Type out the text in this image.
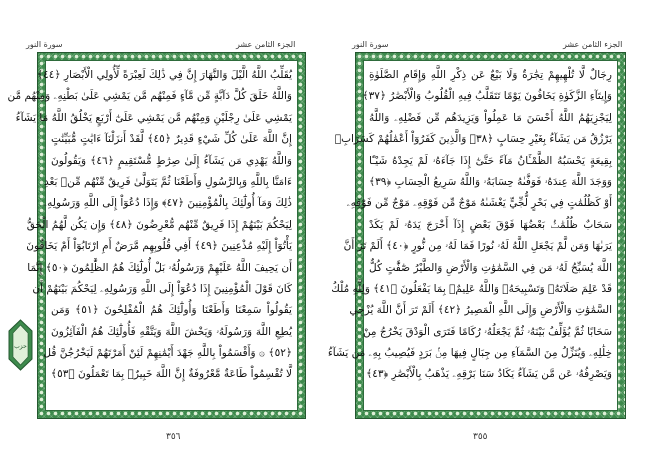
سورة النور	الجزء الثامن عشر
يُقَلِّبُ اللَّهُ الَّيْلَ وَالنَّهَارَ إِنَّ فِي ذَٰلِكَ لَعِبْرَةً لِّأُولِي الْأَبْصَارِ ﴿٤٤﴾
وَاللَّهُ خَلَقَ كُلَّ دَآبَّةٍ مِّن مَّآءٍ فَمِنْهُم مَّن يَمْشِي عَلَىٰ بَطْنِهِۦ وَمِنْهُم مَّن
يَمْشِي عَلَىٰ رِجْلَيْنِ وَمِنْهُم مَّن يَمْشِي عَلَىٰٓ أَرْبَعٍ يَخْلُقُ اللَّهُ مَا يَشَآءُ
إِنَّ اللَّهَ عَلَىٰ كُلِّ شَيْءٍ قَدِيرٌ ﴿٤٥﴾ لَّقَدْ أَنزَلْنَآ ءَايَٰتٍ مُّبَيِّنَٰتٍ
وَاللَّهُ يَهْدِي مَن يَشَآءُ إِلَىٰ صِرَٰطٍ مُّسْتَقِيمٍ ﴿٤٦﴾ وَيَقُولُونَ
ءَامَنَّا بِاللَّهِ وَبِالرَّسُولِ وَأَطَعْنَا ثُمَّ يَتَوَلَّىٰ فَرِيقٌ مِّنْهُم مِّنۢ بَعْدِ
ذَٰلِكَ وَمَآ أُولَٰٓئِكَ بِالْمُؤْمِنِينَ ﴿٤٧﴾ وَإِذَا دُعُوٓاْ إِلَى اللَّهِ وَرَسُولِهِۦ
لِيَحْكُمَ بَيْنَهُمْ إِذَا فَرِيقٌ مِّنْهُم مُّعْرِضُونَ ﴿٤٨﴾ وَإِن يَكُن لَّهُمُ الْحَقُّ
يَأْتُوٓاْ إِلَيْهِ مُذْعِنِينَ ﴿٤٩﴾ أَفِي قُلُوبِهِم مَّرَضٌ أَمِ ارْتَابُوٓاْ أَمْ يَخَافُونَ
أَن يَحِيفَ اللَّهُ عَلَيْهِمْ وَرَسُولُهُۥ بَلْ أُولَٰٓئِكَ هُمُ الظَّٰلِمُونَ ﴿٥٠﴾ إِنَّمَا
كَانَ قَوْلَ الْمُؤْمِنِينَ إِذَا دُعُوٓاْ إِلَى اللَّهِ وَرَسُولِهِۦ لِيَحْكُمَ بَيْنَهُمْ أَن
يَقُولُواْ سَمِعْنَا وَأَطَعْنَا وَأُولَٰٓئِكَ هُمُ الْمُفْلِحُونَ ﴿٥١﴾ وَمَن
يُطِعِ اللَّهَ وَرَسُولَهُۥ وَيَخْشَ اللَّهَ وَيَتَّقْهِ فَأُولَٰٓئِكَ هُمُ الْفَآئِزُونَ
﴿٥٢﴾ ۞ وَأَقْسَمُواْ بِاللَّهِ جَهْدَ أَيْمَٰنِهِمْ لَئِنْ أَمَرْتَهُمْ لَيَخْرُجُنَّ قُل
لَّا تُقْسِمُواْ طَاعَةٌ مَّعْرُوفَةٌ إِنَّ اللَّهَ خَبِيرٌۢ بِمَا تَعْمَلُونَ ﴿٥٣﴾
حزب
٣٥٦
سورة النور	الجزء الثامن عشر
رِجَالٌ لَّا تُلْهِيهِمْ تِجَٰرَةٌ وَلَا بَيْعٌ عَن ذِكْرِ اللَّهِ وَإِقَامِ الصَّلَوٰةِ
وَإِيتَآءِ الزَّكَوٰةِ يَخَافُونَ يَوْمًا تَتَقَلَّبُ فِيهِ الْقُلُوبُ وَالْأَبْصَٰرُ ﴿٣٧﴾
لِيَجْزِيَهُمُ اللَّهُ أَحْسَنَ مَا عَمِلُواْ وَيَزِيدَهُم مِّن فَضْلِهِۦ وَاللَّهُ
يَرْزُقُ مَن يَشَآءُ بِغَيْرِ حِسَابٍ ﴿٣٨﴾ وَالَّذِينَ كَفَرُوٓاْ أَعْمَٰلُهُمْ كَسَرَابِۭ
بِقِيعَةٍ يَحْسَبُهُ الظَّمْـَٔانُ مَآءً حَتَّىٰٓ إِذَا جَآءَهُۥ لَمْ يَجِدْهُ شَيْـًٔا
وَوَجَدَ اللَّهَ عِندَهُۥ فَوَفَّىٰهُ حِسَابَهُۥ وَاللَّهُ سَرِيعُ الْحِسَابِ ﴿٣٩﴾
أَوْ كَظُلُمَٰتٍ فِي بَحْرٍ لُّجِّيٍّ يَغْشَىٰهُ مَوْجٌ مِّن فَوْقِهِۦ مَوْجٌ مِّن فَوْقِهِۦ
سَحَابٌ ظُلُمَٰتُۢ بَعْضُهَا فَوْقَ بَعْضٍ إِذَآ أَخْرَجَ يَدَهُۥ لَمْ يَكَدْ
يَرَىٰهَا وَمَن لَّمْ يَجْعَلِ اللَّهُ لَهُۥ نُورًا فَمَا لَهُۥ مِن نُّورٍ ﴿٤٠﴾ أَلَمْ تَرَ أَنَّ
اللَّهَ يُسَبِّحُ لَهُۥ مَن فِي السَّمَٰوَٰتِ وَالْأَرْضِ وَالطَّيْرُ صَٰٓفَّٰتٍ كُلٌّ
قَدْ عَلِمَ صَلَاتَهُۥ وَتَسْبِيحَهُۥ وَاللَّهُ عَلِيمٌۢ بِمَا يَفْعَلُونَ ﴿٤١﴾ وَلِلَّهِ مُلْكُ
السَّمَٰوَٰتِ وَالْأَرْضِ وَإِلَى اللَّهِ الْمَصِيرُ ﴿٤٢﴾ أَلَمْ تَرَ أَنَّ اللَّهَ يُزْجِي
سَحَابًا ثُمَّ يُؤَلِّفُ بَيْنَهُۥ ثُمَّ يَجْعَلُهُۥ رُكَامًا فَتَرَى الْوَدْقَ يَخْرُجُ مِنْ
خِلَٰلِهِۦ وَيُنَزِّلُ مِنَ السَّمَآءِ مِن جِبَالٍ فِيهَا مِنۢ بَرَدٍ فَيُصِيبُ بِهِۦ مَن يَشَآءُ
وَيَصْرِفُهُۥ عَن مَّن يَشَآءُ يَكَادُ سَنَا بَرْقِهِۦ يَذْهَبُ بِالْأَبْصَٰرِ ﴿٤٣﴾
٣٥٥
